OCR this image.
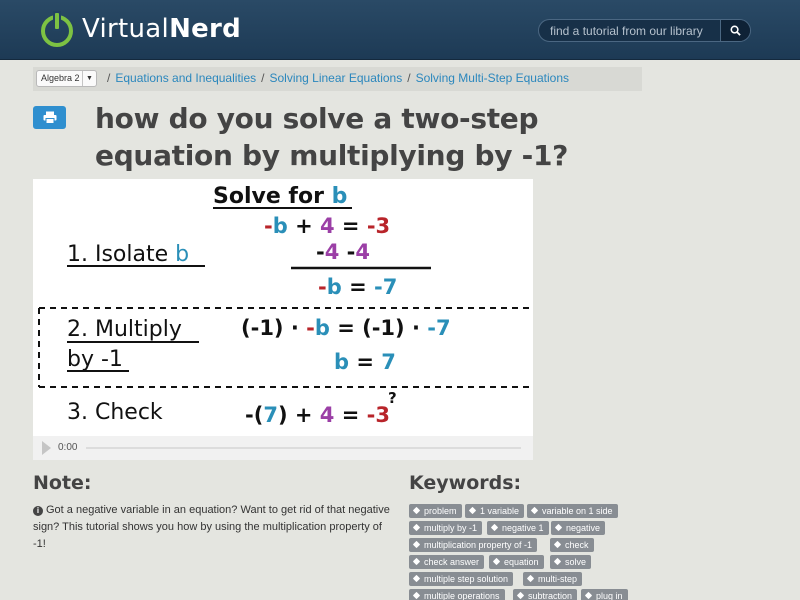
VirtualNerd
find a tutorial from our library
Algebra 2 ▼	/ Equations and Inequalities / Solving Linear Equations / Solving Multi-Step Equations
how do you solve a two-step equation by multiplying by -1?
Solve for b
1. Isolate b
-b + 4 = -3
-4 -4
-b = -7
2. Multiply
by -1
(-1) · -b = (-1) · -7
b = 7
3. Check	-(7) + 4 = -3
?
0:00
Note:

i Got a negative variable in an equation? Want to get rid of that negative sign? This tutorial shows you how by using the multiplication property of -1!

Keywords:
problem	1 variable	variable on 1 side
multiply by -1	negative 1	negative
multiplication property of -1	check
check answer	equation	solve
multiple step solution	multi-step
multiple operations	subtraction	plug in
